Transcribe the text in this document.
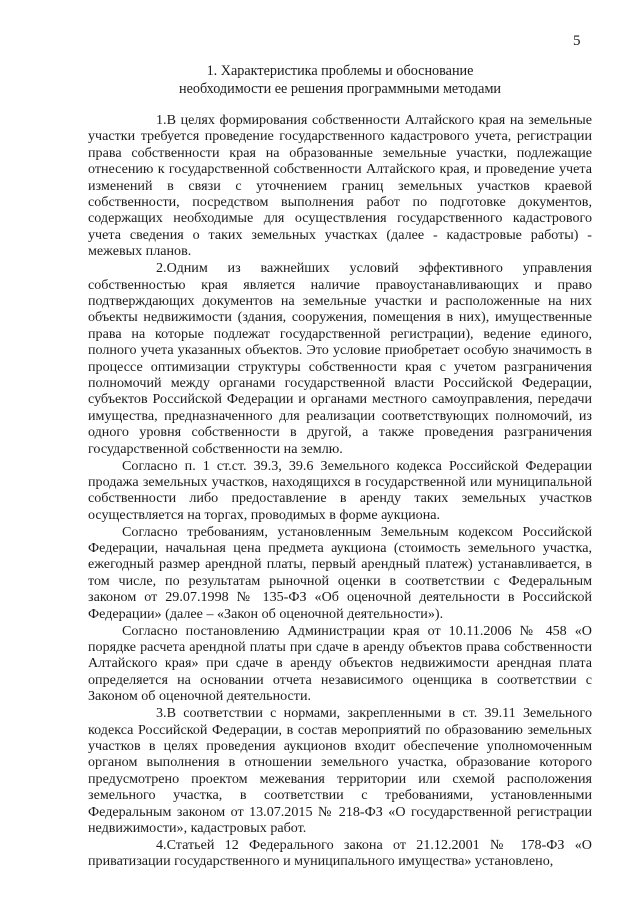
5
1. Характеристика проблемы и обоснование
необходимости ее решения программными методами

1.В целях формирования собственности Алтайского края на земельные участки требуется проведение государственного кадастрового учета, регистрации права собственности края на образованные земельные участки, подлежащие отнесению к государственной собственности Алтайского края, и проведение учета изменений в связи с уточнением границ земельных участков краевой собственности, посредством выполнения работ по подготовке документов, содержащих необходимые для осуществления государственного кадастрового учета сведения о таких земельных участках (далее - кадастровые работы) - межевых планов.

2.Одним из важнейших условий эффективного управления собственностью края является наличие правоустанавливающих и право подтверждающих документов на земельные участки и расположенные на них объекты недвижимости (здания, сооружения, помещения в них), имущественные права на которые подлежат государственной регистрации), ведение единого, полного учета указанных объектов. Это условие приобретает особую значимость в процессе оптимизации структуры собственности края с учетом разграничения полномочий между органами государственной власти Российской Федерации, субъектов Российской Федерации и органами местного самоуправления, передачи имущества, предназначенного для реализации соответствующих полномочий, из одного уровня собственности в другой, а также проведения разграничения государственной собственности на землю.

Согласно п. 1 ст.ст. 39.3, 39.6 Земельного кодекса Российской Федерации продажа земельных участков, находящихся в государственной или муниципальной собственности либо предоставление в аренду таких земельных участков осуществляется на торгах, проводимых в форме аукциона.

Согласно требованиям, установленным Земельным кодексом Российской Федерации, начальная цена предмета аукциона (стоимость земельного участка, ежегодный размер арендной платы, первый арендный платеж) устанавливается, в том числе, по результатам рыночной оценки в соответствии с Федеральным законом от 29.07.1998 № 135-ФЗ «Об оценочной деятельности в Российской Федерации» (далее – «Закон об оценочной деятельности»).

Согласно постановлению Администрации края от 10.11.2006 № 458 «О порядке расчета арендной платы при сдаче в аренду объектов права собственности Алтайского края» при сдаче в аренду объектов недвижимости арендная плата определяется на основании отчета независимого оценщика в соответствии с Законом об оценочной деятельности.

3.В соответствии с нормами, закрепленными в ст. 39.11 Земельного кодекса Российской Федерации, в состав мероприятий по образованию земельных участков в целях проведения аукционов входит обеспечение уполномоченным органом выполнения в отношении земельного участка, образование которого предусмотрено проектом межевания территории или схемой расположения земельного участка, в соответствии с требованиями, установленными Федеральным законом от 13.07.2015 № 218-ФЗ «О государственной регистрации недвижимости», кадастровых работ.

4.Статьей 12 Федерального закона от 21.12.2001 № 178-ФЗ «О приватизации государственного и муниципального имущества» установлено,
